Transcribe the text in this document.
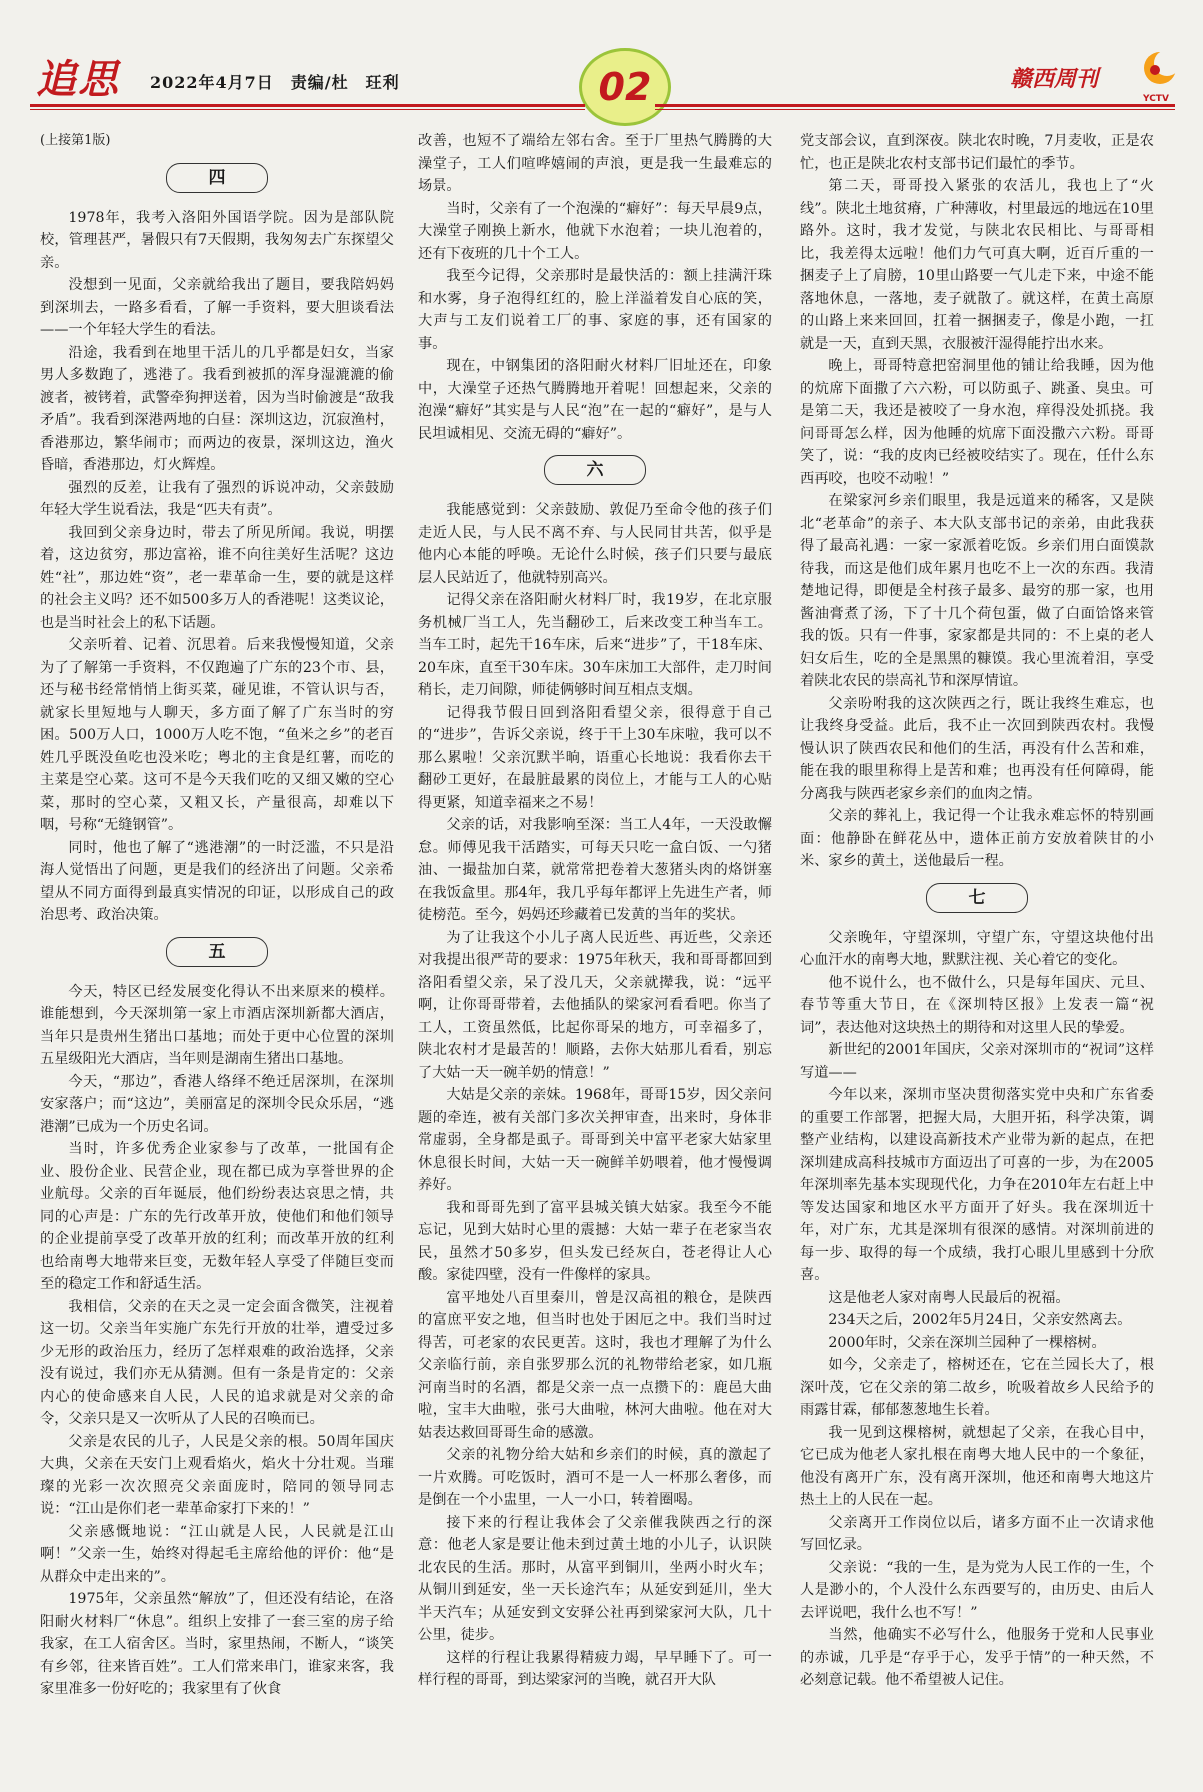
追思 2022年4月7日　责编/杜　玨利	02	赣西周刊
YCTV
(上接第1版)
四

1978年，我考入洛阳外国语学院。因为是部队院校，管理甚严，暑假只有7天假期，我匆匆去广东探望父亲。

没想到一见面，父亲就给我出了题目，要我陪妈妈到深圳去，一路多看看，了解一手资料，要大胆谈看法——一个年轻大学生的看法。

沿途，我看到在地里干活儿的几乎都是妇女，当家男人多数跑了，逃港了。我看到被抓的浑身湿漉漉的偷渡者，被铐着，武警牵狗押送着，因为当时偷渡是“敌我矛盾”。我看到深港两地的白昼：深圳这边，沉寂渔村，香港那边，繁华闹市；而两边的夜景，深圳这边，渔火昏暗，香港那边，灯火辉煌。

强烈的反差，让我有了强烈的诉说冲动，父亲鼓励年轻大学生说看法，我是“匹夫有责”。

我回到父亲身边时，带去了所见所闻。我说，明摆着，这边贫穷，那边富裕，谁不向往美好生活呢？这边姓“社”，那边姓“资”，老一辈革命一生，要的就是这样的社会主义吗？还不如500多万人的香港呢！这类议论，也是当时社会上的私下话题。

父亲听着、记着、沉思着。后来我慢慢知道，父亲为了了解第一手资料，不仅跑遍了广东的23个市、县，还与秘书经常悄悄上街买菜，碰见谁，不管认识与否，就家长里短地与人聊天，多方面了解了广东当时的穷困。500万人口，1000万人吃不饱，“鱼米之乡”的老百姓几乎既没鱼吃也没米吃；粤北的主食是红薯，而吃的主菜是空心菜。这可不是今天我们吃的又细又嫩的空心菜，那时的空心菜，又粗又长，产量很高，却难以下咽，号称“无缝钢管”。

同时，他也了解了“逃港潮”的一时泛滥，不只是沿海人觉悟出了问题，更是我们的经济出了问题。父亲希望从不同方面得到最真实情况的印证，以形成自己的政治思考、政治决策。

五

今天，特区已经发展变化得认不出来原来的模样。谁能想到，今天深圳第一家上市酒店深圳新都大酒店，当年只是贵州生猪出口基地；而处于更中心位置的深圳五星级阳光大酒店，当年则是湖南生猪出口基地。

今天，“那边”，香港人络绎不绝迁居深圳，在深圳安家落户；而“这边”，美丽富足的深圳令民众乐居，“逃港潮”已成为一个历史名词。

当时，许多优秀企业家参与了改革，一批国有企业、股份企业、民营企业，现在都已成为享誉世界的企业航母。父亲的百年诞辰，他们纷纷表达哀思之情，共同的心声是：广东的先行改革开放，使他们和他们领导的企业提前享受了改革开放的红利；而改革开放的红利也给南粤大地带来巨变，无数年轻人享受了伴随巨变而至的稳定工作和舒适生活。

我相信，父亲的在天之灵一定会面含微笑，注视着这一切。父亲当年实施广东先行开放的壮举，遭受过多少无形的政治压力，经历了怎样艰难的政治选择，父亲没有说过，我们亦无从猜测。但有一条是肯定的：父亲内心的使命感来自人民，人民的追求就是对父亲的命令，父亲只是又一次听从了人民的召唤而已。

父亲是农民的儿子，人民是父亲的根。50周年国庆大典，父亲在天安门上观看焰火，焰火十分壮观。当璀璨的光彩一次次照亮父亲面庞时，陪同的领导同志说：“江山是你们老一辈革命家打下来的！”

父亲感慨地说：“江山就是人民，人民就是江山啊！”父亲一生，始终对得起毛主席给他的评价：他“是从群众中走出来的”。

1975年，父亲虽然“解放”了，但还没有结论，在洛阳耐火材料厂“休息”。组织上安排了一套三室的房子给我家，在工人宿舍区。当时，家里热闹，不断人，“谈笑有乡邻，往来皆百姓”。工人们常来串门，谁家来客，我家里准多一份好吃的；我家里有了伙食

改善，也短不了端给左邻右舍。至于厂里热气腾腾的大澡堂子，工人们喧哗嬉闹的声浪，更是我一生最难忘的场景。

当时，父亲有了一个泡澡的“癖好”：每天早晨9点，大澡堂子刚换上新水，他就下水泡着；一块儿泡着的，还有下夜班的几十个工人。

我至今记得，父亲那时是最快活的：额上挂满汗珠和水雾，身子泡得红红的，脸上洋溢着发自心底的笑，大声与工友们说着工厂的事、家庭的事，还有国家的事。

现在，中钢集团的洛阳耐火材料厂旧址还在，印象中，大澡堂子还热气腾腾地开着呢！回想起来，父亲的泡澡“癖好”其实是与人民“泡”在一起的“癖好”，是与人民坦诚相见、交流无碍的“癖好”。

六

我能感觉到：父亲鼓励、敦促乃至命令他的孩子们走近人民，与人民不离不弃、与人民同甘共苦，似乎是他内心本能的呼唤。无论什么时候，孩子们只要与最底层人民站近了，他就特别高兴。

记得父亲在洛阳耐火材料厂时，我19岁，在北京服务机械厂当工人，先当翻砂工，后来改变工种当车工。当车工时，起先干16车床，后来“进步”了，干18车床、20车床，直至干30车床。30车床加工大部件，走刀时间稍长，走刀间隙，师徒俩够时间互相点支烟。

记得我节假日回到洛阳看望父亲，很得意于自己的“进步”，告诉父亲说，终于干上30车床啦，我可以不那么累啦！父亲沉默半晌，语重心长地说：我看你去干翻砂工更好，在最脏最累的岗位上，才能与工人的心贴得更紧，知道幸福来之不易！

父亲的话，对我影响至深：当工人4年，一天没敢懈怠。师傅见我干活踏实，可每天只吃一盒白饭、一勺猪油、一撮盐加白菜，就常常把卷着大葱猪头肉的烙饼塞在我饭盒里。那4年，我几乎每年都评上先进生产者，师徒榜范。至今，妈妈还珍藏着已发黄的当年的奖状。

为了让我这个小儿子离人民近些、再近些，父亲还对我提出很严苛的要求：1975年秋天，我和哥哥都回到洛阳看望父亲，呆了没几天，父亲就撵我，说：“远平啊，让你哥哥带着，去他插队的梁家河看看吧。你当了工人，工资虽然低，比起你哥呆的地方，可幸福多了，陕北农村才是最苦的！顺路，去你大姑那儿看看，别忘了大姑一天一碗羊奶的情意！”

大姑是父亲的亲妹。1968年，哥哥15岁，因父亲问题的牵连，被有关部门多次关押审查，出来时，身体非常虚弱，全身都是虱子。哥哥到关中富平老家大姑家里休息很长时间，大姑一天一碗鲜羊奶喂着，他才慢慢调养好。

我和哥哥先到了富平县城关镇大姑家。我至今不能忘记，见到大姑时心里的震撼：大姑一辈子在老家当农民，虽然才50多岁，但头发已经灰白，苍老得让人心酸。家徒四壁，没有一件像样的家具。

富平地处八百里秦川，曾是汉高祖的粮仓，是陕西的富庶平安之地，但当时也处于困厄之中。我们当时过得苦，可老家的农民更苦。这时，我也才理解了为什么父亲临行前，亲自张罗那么沉的礼物带给老家，如几瓶河南当时的名酒，都是父亲一点一点攒下的：鹿邑大曲啦，宝丰大曲啦，张弓大曲啦，林河大曲啦。他在对大姑表达救回哥哥生命的感激。

父亲的礼物分给大姑和乡亲们的时候，真的激起了一片欢腾。可吃饭时，酒可不是一人一杯那么奢侈，而是倒在一个小盅里，一人一小口，转着圈喝。

接下来的行程让我体会了父亲催我陕西之行的深意：他老人家是要让他未到过黄土地的小儿子，认识陕北农民的生活。那时，从富平到铜川，坐两小时火车；从铜川到延安，坐一天长途汽车；从延安到延川，坐大半天汽车；从延安到文安驿公社再到梁家河大队，几十公里，徒步。

这样的行程让我累得精疲力竭，早早睡下了。可一样行程的哥哥，到达梁家河的当晚，就召开大队

党支部会议，直到深夜。陕北农时晚，7月麦收，正是农忙，也正是陕北农村支部书记们最忙的季节。

第二天，哥哥投入紧张的农活儿，我也上了“火线”。陕北土地贫瘠，广种薄收，村里最远的地远在10里路外。这时，我才发觉，与陕北农民相比、与哥哥相比，我差得太远啦！他们力气可真大啊，近百斤重的一捆麦子上了肩膀，10里山路要一气儿走下来，中途不能落地休息，一落地，麦子就散了。就这样，在黄土高原的山路上来来回回，扛着一捆捆麦子，像是小跑，一扛就是一天，直到天黑，衣服被汗湿得能拧出水来。

晚上，哥哥特意把窑洞里他的铺让给我睡，因为他的炕席下面撒了六六粉，可以防虱子、跳蚤、臭虫。可是第二天，我还是被咬了一身水泡，痒得没处抓挠。我问哥哥怎么样，因为他睡的炕席下面没撒六六粉。哥哥笑了，说：“我的皮肉已经被咬结实了。现在，任什么东西再咬，也咬不动啦！”

在梁家河乡亲们眼里，我是远道来的稀客，又是陕北“老革命”的亲子、本大队支部书记的亲弟，由此我获得了最高礼遇：一家一家派着吃饭。乡亲们用白面馍款待我，而这是他们成年累月也吃不上一次的东西。我清楚地记得，即便是全村孩子最多、最穷的那一家，也用酱油膏煮了汤，下了十几个荷包蛋，做了白面饸饹来管我的饭。只有一件事，家家都是共同的：不上桌的老人妇女后生，吃的全是黑黑的糠馍。我心里流着泪，享受着陕北农民的崇高礼节和深厚情谊。

父亲吩咐我的这次陕西之行，既让我终生难忘，也让我终身受益。此后，我不止一次回到陕西农村。我慢慢认识了陕西农民和他们的生活，再没有什么苦和难，能在我的眼里称得上是苦和难；也再没有任何障碍，能分离我与陕西老家乡亲们的血肉之情。

父亲的葬礼上，我记得一个让我永难忘怀的特别画面：他静卧在鲜花丛中，遗体正前方安放着陕甘的小米、家乡的黄土，送他最后一程。

七

父亲晚年，守望深圳，守望广东，守望这块他付出心血汗水的南粤大地，默默注视、关心着它的变化。

他不说什么，也不做什么，只是每年国庆、元旦、春节等重大节日，在《深圳特区报》上发表一篇“祝词”，表达他对这块热土的期待和对这里人民的挚爱。

新世纪的2001年国庆，父亲对深圳市的“祝词”这样写道——

今年以来，深圳市坚决贯彻落实党中央和广东省委的重要工作部署，把握大局，大胆开拓，科学决策，调整产业结构，以建设高新技术产业带为新的起点，在把深圳建成高科技城市方面迈出了可喜的一步，为在2005年深圳率先基本实现现代化，力争在2010年左右赶上中等发达国家和地区水平方面开了好头。我在深圳近十年，对广东，尤其是深圳有很深的感情。对深圳前进的每一步、取得的每一个成绩，我打心眼儿里感到十分欣喜。

这是他老人家对南粤人民最后的祝福。

234天之后，2002年5月24日，父亲安然离去。

2000年时，父亲在深圳兰园种了一棵榕树。

如今，父亲走了，榕树还在，它在兰园长大了，根深叶茂，它在父亲的第二故乡，吮吸着故乡人民给予的雨露甘霖，郁郁葱葱地生长着。

我一见到这棵榕树，就想起了父亲，在我心目中，它已成为他老人家扎根在南粤大地人民中的一个象征，他没有离开广东，没有离开深圳，他还和南粤大地这片热土上的人民在一起。

父亲离开工作岗位以后，诸多方面不止一次请求他写回忆录。

父亲说：“我的一生，是为党为人民工作的一生，个人是渺小的，个人没什么东西要写的，由历史、由后人去评说吧，我什么也不写！”

当然，他确实不必写什么，他服务于党和人民事业的赤诚，几乎是“存乎于心，发乎于情”的一种天然，不必刻意记载。他不希望被人记住。
